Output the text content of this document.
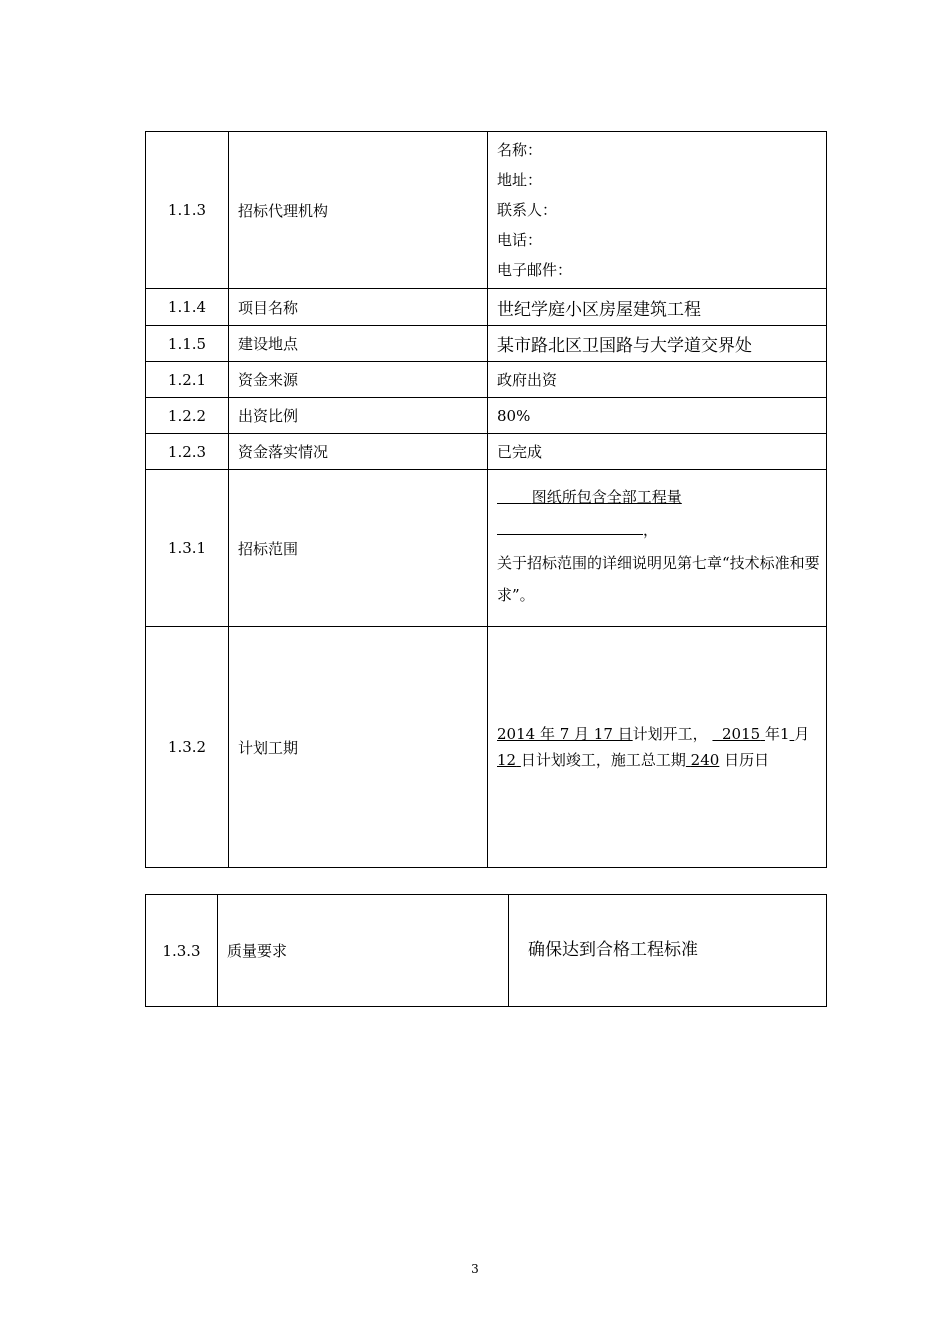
1.1.3	招标代理机构	名称：
地址：
联系人：
电话：
电子邮件：

1.1.4	项目名称	世纪学庭小区房屋建筑工程
1.1.5	建设地点	某市路北区卫国路与大学道交界处
1.2.1	资金来源	政府出资
1.2.2	出资比例	80%
1.2.3	资金落实情况	已完成
1.3.1	招标范围	
  图纸所包含全部工程量
，
关于招标范围的详细说明见第七章“技术标准和要求”。

1.3.2	计划工期	2014 年 7 月 17 日计划开工， 2015 年1 月 12 日计划竣工，施工总工期 240 日历日
1.3.3	质量要求	确保达到合格工程标准
3
